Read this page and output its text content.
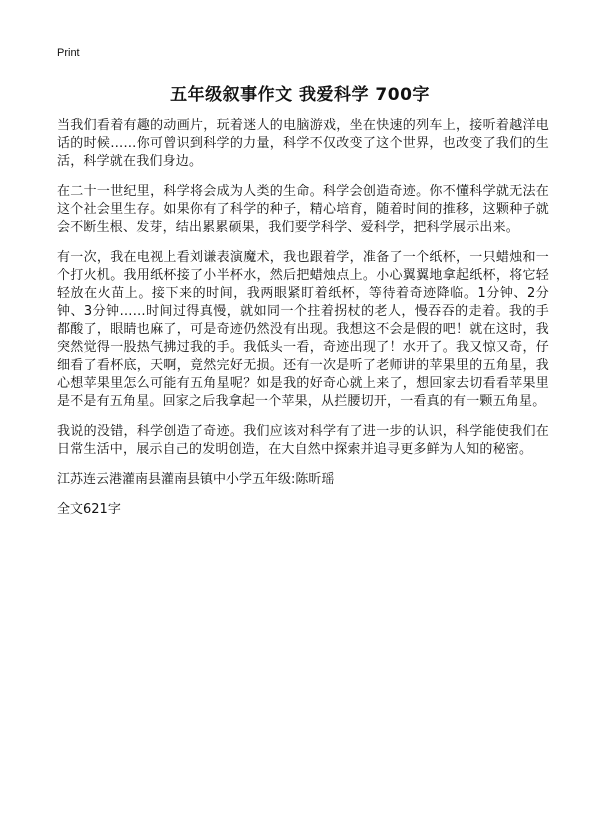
Print
五年级叙事作文 我爱科学 700字

当我们看着有趣的动画片，玩着迷人的电脑游戏，坐在快速的列车上，接听着越洋电话的时候……你可曾识到科学的力量，科学不仅改变了这个世界，也改变了我们的生活，科学就在我们身边。

在二十一世纪里，科学将会成为人类的生命。科学会创造奇迹。你不懂科学就无法在这个社会里生存。如果你有了科学的种子，精心培育，随着时间的推移，这颗种子就会不断生根、发芽，结出累累硕果，我们要学科学、爱科学，把科学展示出来。

有一次，我在电视上看刘谦表演魔术，我也跟着学，准备了一个纸杯，一只蜡烛和一个打火机。我用纸杯接了小半杯水，然后把蜡烛点上。小心翼翼地拿起纸杯，将它轻轻放在火苗上。接下来的时间，我两眼紧盯着纸杯，等待着奇迹降临。1分钟、2分钟、3分钟……时间过得真慢，就如同一个拄着拐杖的老人，慢吞吞的走着。我的手都酸了，眼睛也麻了，可是奇迹仍然没有出现。我想这不会是假的吧！就在这时，我突然觉得一股热气拂过我的手。我低头一看，奇迹出现了！水开了。我又惊又奇，仔细看了看杯底，天啊，竟然完好无损。还有一次是听了老师讲的苹果里的五角星，我心想苹果里怎么可能有五角星呢？如是我的好奇心就上来了，想回家去切看看苹果里是不是有五角星。回家之后我拿起一个苹果，从拦腰切开，一看真的有一颗五角星。

我说的没错，科学创造了奇迹。我们应该对科学有了进一步的认识，科学能使我们在日常生活中，展示自己的发明创造，在大自然中探索并追寻更多鲜为人知的秘密。

江苏连云港灌南县灌南县镇中小学五年级:陈昕瑶

全文621字
